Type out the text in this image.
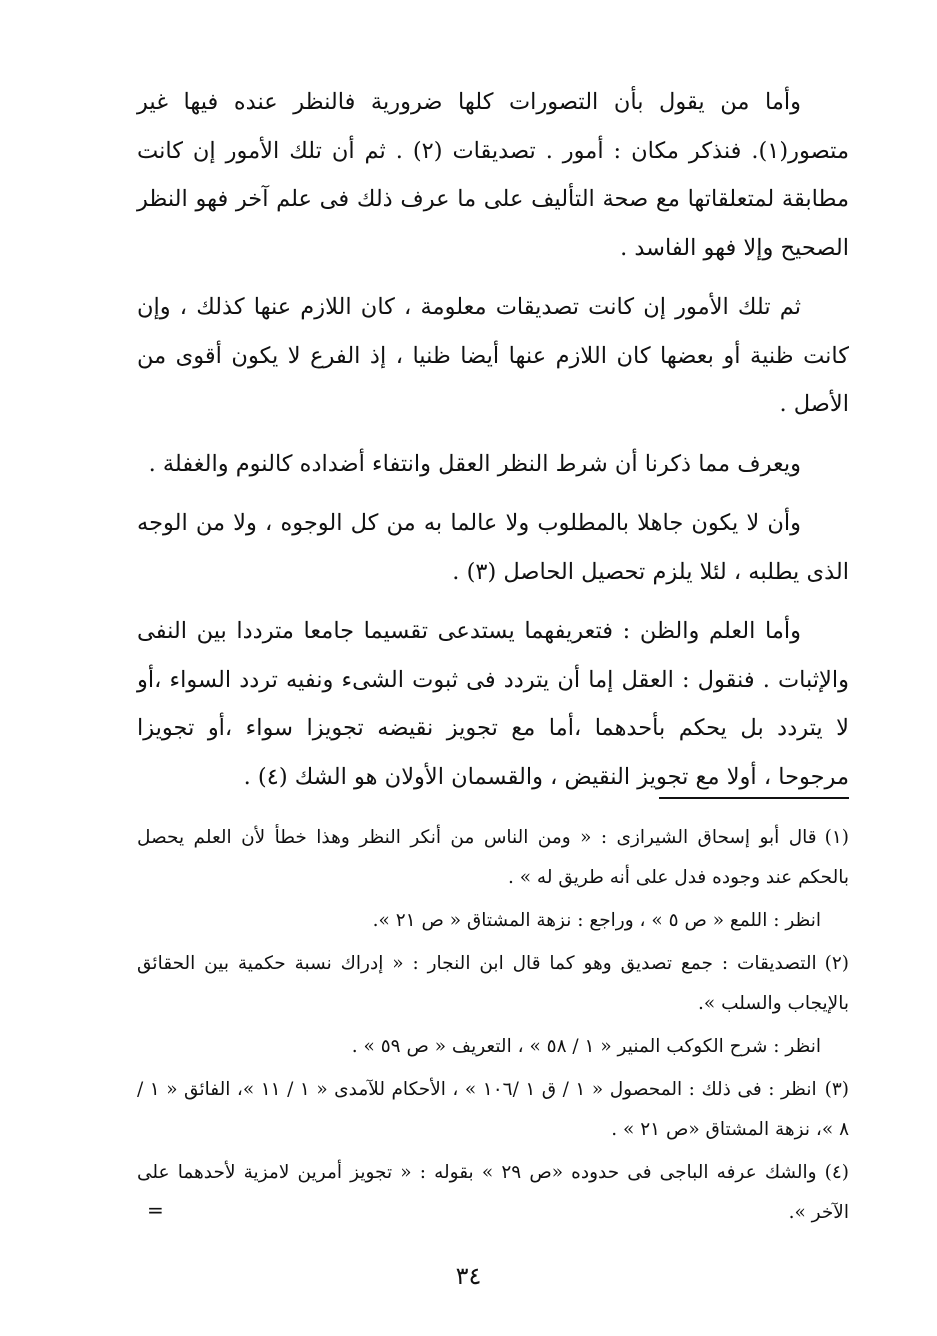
وأما من يقول بأن التصورات كلها ضرورية فالنظر عنده فيها غير متصور(١). فنذكر مكان : أمور . تصديقات (٢) . ثم أن تلك الأمور إن كانت مطابقة لمتعلقاتها مع صحة التأليف على ما عرف ذلك فى علم آخر فهو النظر الصحيح وإلا فهو الفاسد .

ثم تلك الأمور إن كانت تصديقات معلومة ، كان اللازم عنها كذلك ، وإن كانت ظنية أو بعضها كان اللازم عنها أيضا ظنيا ، إذ الفرع لا يكون أقوى من الأصل .

ويعرف مما ذكرنا أن شرط النظر العقل وانتفاء أضداده كالنوم والغفلة .

وأن لا يكون جاهلا بالمطلوب ولا عالما به من كل الوجوه ، ولا من الوجه الذى يطلبه ، لئلا يلزم تحصيل الحاصل (٣) .

وأما العلم والظن : فتعريفهما يستدعى تقسيما جامعا مترددا بين النفى والإثبات . فنقول : العقل إما أن يتردد فى ثبوت الشىء ونفيه تردد السواء ،أو لا يتردد بل يحكم بأحدهما ،أما مع تجويز نقيضه تجويزا سواء ،أو تجويزا مرجوحا ، أولا مع تجويز النقيض ، والقسمان الأولان هو الشك (٤) .

(١)قال أبو إسحاق الشيرازى : « ومن الناس من أنكر النظر وهذا خطأ لأن العلم يحصل بالحكم عند وجوده فدل على أنه طريق له » .

انظر : اللمع « ص ٥ » ، وراجع : نزهة المشتاق « ص ٢١ ».

(٢)التصديقات : جمع تصديق وهو كما قال ابن النجار : « إدراك نسبة حكمية بين الحقائق بالإيجاب والسلب ».

انظر : شرح الكوكب المنير « ١ / ٥٨ » ، التعريف « ص ٥٩ » .

(٣)انظر : فى ذلك : المحصول « ١ / ق ١ /١٠٦ » ، الأحكام للآمدى « ١ / ١١ »، الفائق « ١ / ٨ »، نزهة المشتاق «ص ٢١ » .

(٤)والشك عرفه الباجى فى حدوده «ص ٢٩ » بقوله : « تجويز أمرين لامزية لأحدهما على الآخر ».

=
٣٤
